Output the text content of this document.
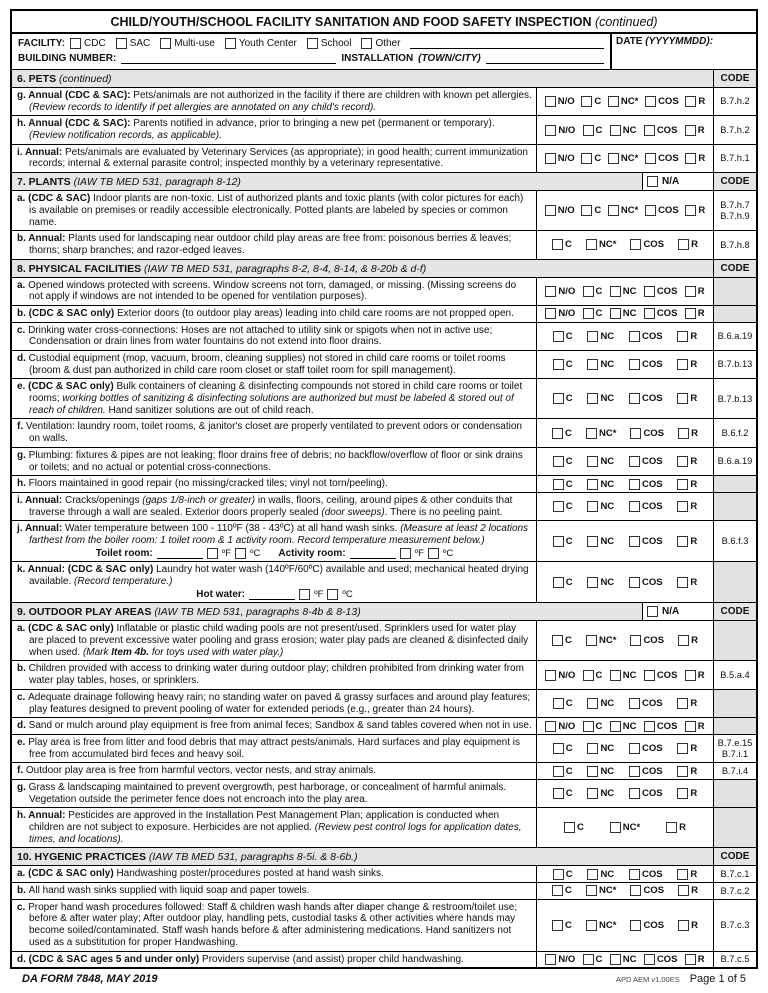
CHILD/YOUTH/SCHOOL FACILITY SANITATION AND FOOD SAFETY INSPECTION (continued)
FACILITY: CDC SAC Multi-use Youth Center School Other
BUILDING NUMBER:	INSTALLATION (TOWN/CITY)
DATE (YYYYMMDD):
6. PETS (continued)	CODE

g. Annual (CDC & SAC): Pets/animals are not authorized in the facility if there are children with known pet allergies. (Review records to identify if pet allergies are annotated on any child's record).	N/O C NC* COS R B.7.h.2

h. Annual (CDC & SAC): Parents notified in advance, prior to bringing a new pet (permanent or temporary). (Review notification records, as applicable).	N/O C NC COS R B.7.h.2

i. Annual: Pets/animals are evaluated by Veterinary Services (as appropriate); in good health; current immunization records; internal & external parasite control; inspected monthly by a veterinary representative.	N/O C NC* COS R B.7.h.1
7. PLANTS (IAW TB MED 531, paragraph 8-12)	N/A	CODE

a. (CDC & SAC) Indoor plants are non-toxic. List of authorized plants and toxic plants (with color pictures for each) is available on premises or readily accessible electronically. Potted plants are labeled by species or common name.

N/O C NC* COS R
B.7.h.7
B.7.h.9

b. Annual: Plants used for landscaping near outdoor child play areas are free from: poisonous berries & leaves; thorns; sharp branches; and razor-edged leaves.	C	NC*	COS	R B.7.h.8
8. PHYSICAL FACILITIES (IAW TB MED 531, paragraphs 8-2, 8-4, 8-14, & 8-20b & d-f)	CODE

a. Opened windows protected with screens. Window screens not torn, damaged, or missing. (Missing screens do not apply if windows are not intended to be opened for ventilation purposes).	N/O C NC COS R

b. (CDC & SAC only) Exterior doors (to outdoor play areas) leading into child care rooms are not propped open.	N/O C NC COS R

c. Drinking water cross-connections: Hoses are not attached to utility sink or spigots when not in active use; Condensation or drain lines from water fountains do not extend into floor drains.	C	NC	COS	R B.6.a.19

d. Custodial equipment (mop, vacuum, broom, cleaning supplies) not stored in child care rooms or toilet rooms (broom & dust pan authorized in child care room closet or staff toilet room for spill management).	C	NC	COS	R B.7.b.13

e. (CDC & SAC only) Bulk containers of cleaning & disinfecting compounds not stored in child care rooms or toilet rooms; working bottles of sanitizing & disinfecting solutions are authorized but must be labeled & stored out of reach of children. Hand sanitizer solutions are out of child reach.

C	NC	COS	R B.7.b.13

f. Ventilation: laundry room, toilet rooms, & janitor's closet are properly ventilated to prevent odors or condensation on walls.	C	NC*	COS	R	B.6.f.2

g. Plumbing: fixtures & pipes are not leaking; floor drains free of debris; no backflow/overflow of floor or sink drains or toilets; and no actual or potential cross-connections.	C	NC	COS	R B.6.a.19

h. Floors maintained in good repair (no missing/cracked tiles; vinyl not torn/peeling).	C	NC	COS	R

i. Annual: Cracks/openings (gaps 1/8-inch or greater) in walls, floors, ceiling, around pipes & other conduits that traverse through a wall are sealed. Exterior doors properly sealed (door sweeps). There is no peeling paint.	C	NC	COS	R

j. Annual: Water temperature between 100 - 110ºF (38 - 43ºC) at all hand wash sinks. (Measure at least 2 locations farthest from the boiler room: 1 toilet room & 1 activity room. Record temperature measurement below.)

Toilet room:	ºF ºC Activity room:	ºF ºC
C	NC	COS	R	B.6.f.3

k. Annual: (CDC & SAC only) Laundry hot water wash (140ºF/60ºC) available and used; mechanical heated drying available. (Record temperature.)

Hot water:	ºF ºC
C	NC	COS	R
9. OUTDOOR PLAY AREAS (IAW TB MED 531, paragraphs 8-4b & 8-13)	N/A	CODE

a. (CDC & SAC only) Inflatable or plastic child wading pools are not present/used. Sprinklers used for water play are placed to prevent excessive water pooling and grass erosion; water play pads are cleaned & disinfected daily when used. (Mark Item 4b. for toys used with water play.)

C	NC*	COS	R

b. Children provided with access to drinking water during outdoor play; children prohibited from drinking water from water play tables, hoses, or sprinklers.	N/O C NC COS R B.5.a.4

c. Adequate drainage following heavy rain; no standing water on paved & grassy surfaces and around play features; play features designed to prevent pooling of water for extended periods (e.g., greater than 24 hours).	C	NC	COS	R

d. Sand or mulch around play equipment is free from animal feces; Sandbox & sand tables covered when not in use.	N/O C NC COS R

e. Play area is free from litter and food debris that may attract pests/animals. Hard surfaces and play equipment is free from accumulated bird feces and heavy soil.	C	NC	COS	R
B.7.e.15
B.7.i.1

f. Outdoor play area is free from harmful vectors, vector nests, and stray animals.	C	NC	COS	R	B.7.i.4

g. Grass & landscaping maintained to prevent overgrowth, pest harborage, or concealment of harmful animals. Vegetation outside the perimeter fence does not encroach into the play area.	C	NC	COS	R

h. Annual: Pesticides are approved in the Installation Pest Management Plan; application is conducted when children are not subject to exposure. Herbicides are not applied. (Review pest control logs for application dates, times, and locations).

C	NC*	R
10. HYGENIC PRACTICES (IAW TB MED 531, paragraphs 8-5i. & 8-6b.)	CODE

a. (CDC & SAC only) Handwashing poster/procedures posted at hand wash sinks.	C	NC	COS	R	B.7.c.1

b. All hand wash sinks supplied with liquid soap and paper towels.	C	NC*	COS	R B.7.c.2

c. Proper hand wash procedures followed: Staff & children wash hands after diaper change & restroom/toilet use; before & after water play; After outdoor play, handling pets, custodial tasks & other activities where hands may become soiled/contaminated. Staff wash hands before & after administering medications. Hand sanitizers not used as a substitution for proper Handwashing.

C	NC*	COS	R B.7.c.3

d. (CDC & SAC ages 5 and under only) Providers supervise (and assist) proper child handwashing.	N/O C NC COS R B.7.c.5
DA FORM 7848, MAY 2019	APD AEM v1.00ES Page 1 of 5
